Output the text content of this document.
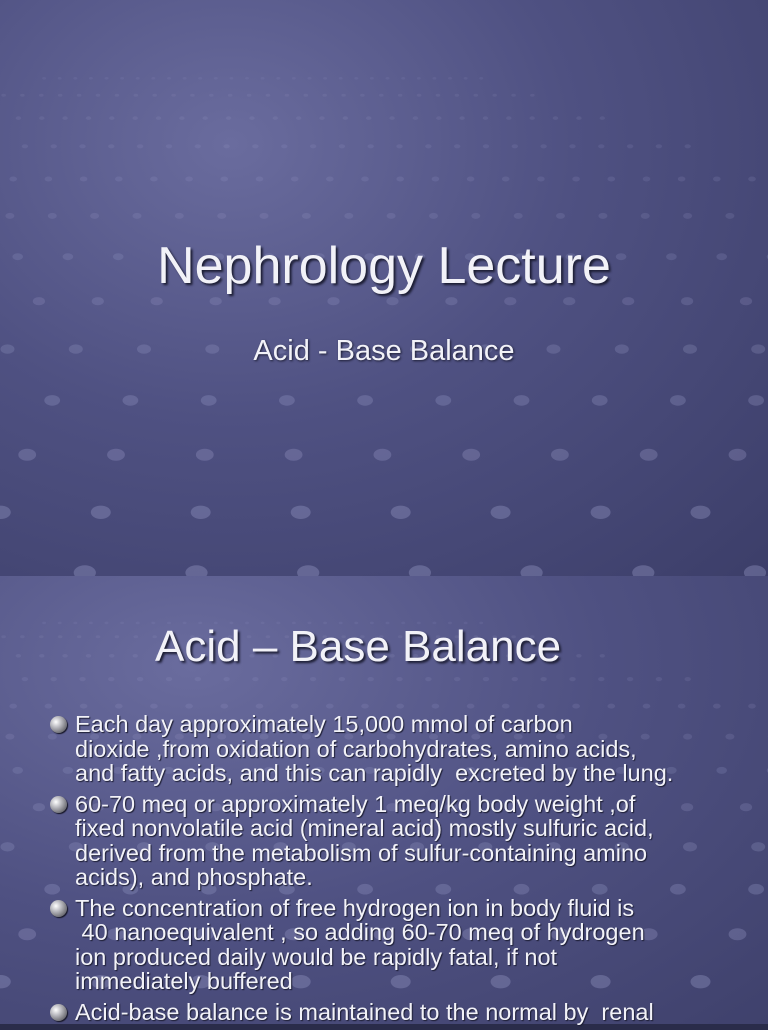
Nephrology Lecture
Acid - Base Balance
Acid – Base Balance
Each day approximately 15,000 mmol of carbon
dioxide ,from oxidation of carbohydrates, amino acids,
and fatty acids, and this can rapidly  excreted by the lung.
60-70 meq or approximately 1 meq/kg body weight ,of
fixed nonvolatile acid (mineral acid) mostly sulfuric acid,
derived from the metabolism of sulfur-containing amino
acids), and phosphate.
The concentration of free hydrogen ion in body fluid is
40 nanoequivalent , so adding 60-70 meq of hydrogen
ion produced daily would be rapidly fatal, if not
immediately buffered
Acid-base balance is maintained to the normal by  renal
